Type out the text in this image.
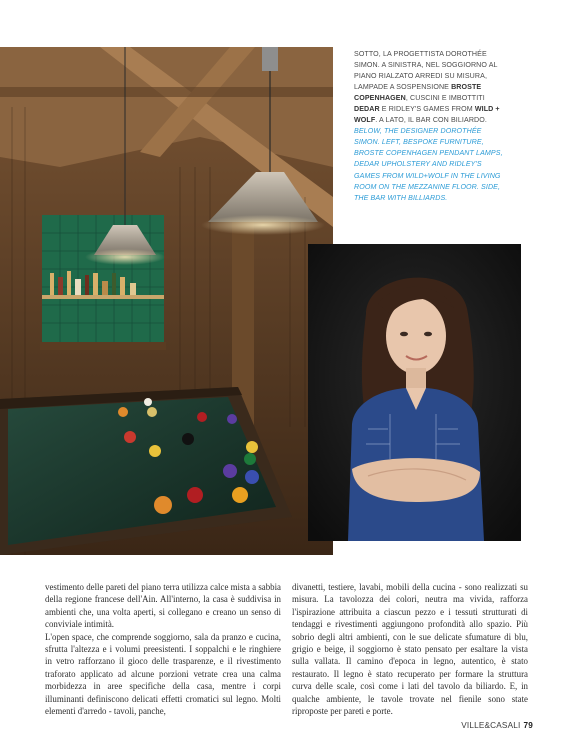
SOTTO, LA PROGETTISTA DOROTHÉE SIMON. A SINISTRA, NEL SOGGIORNO AL PIANO RIALZATO ARREDI SU MISURA, LAMPADE A SOSPENSIONE BROSTE COPENHAGEN, CUSCINI E IMBOTTITI DEDAR E RIDLEY'S GAMES FROM WILD + WOLF. A LATO, IL BAR CON BILIARDO.

BELOW, THE DESIGNER DOROTHÉE SIMON. LEFT, BESPOKE FURNITURE, BROSTE COPENHAGEN PENDANT LAMPS, DEDAR UPHOLSTERY AND RIDLEY'S GAMES FROM WILD+WOLF IN THE LIVING ROOM ON THE MEZZANINE FLOOR. SIDE, THE BAR WITH BILLIARDS.

vestimento delle pareti del piano terra utilizza calce mista a sabbia della regione francese dell'Ain. All'interno, la casa è suddivisa in ambienti che, una volta aperti, si collegano e creano un senso di conviviale intimità.

L'open space, che comprende soggiorno, sala da pranzo e cucina, sfrutta l'altezza e i volumi preesistenti. I soppalchi e le ringhiere in vetro rafforzano il gioco delle trasparenze, e il rivestimento traforato applicato ad alcune porzioni vetrate crea una calma morbidezza in aree specifiche della casa, mentre i corpi illuminanti definiscono delicati effetti cromatici sul legno. Molti elementi d'arredo - tavoli, panche,

divanetti, testiere, lavabi, mobili della cucina - sono realizzati su misura. La tavolozza dei colori, neutra ma vivida, rafforza l'ispirazione attribuita a ciascun pezzo e i tessuti strutturati di tendaggi e rivestimenti aggiungono profondità allo spazio. Più sobrio degli altri ambienti, con le sue delicate sfumature di blu, grigio e beige, il soggiorno è stato pensato per esaltare la vista sulla vallata. Il camino d'epoca in legno, autentico, è stato restaurato. Il legno è stato recuperato per formare la struttura curva delle scale, così come i lati del tavolo da biliardo. E, in qualche ambiente, le tavole trovate nel fienile sono state riproposte per pareti e porte.

VILLE&CASALI 79
